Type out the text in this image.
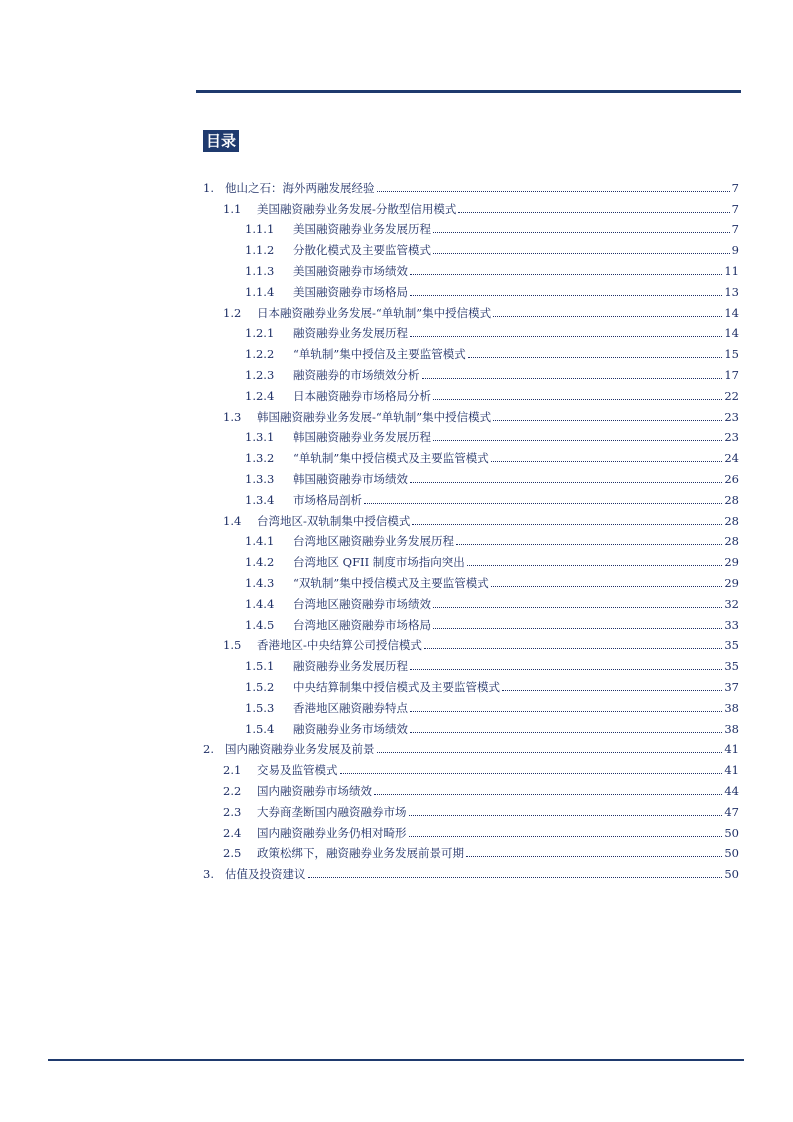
目录
1. 他山之石：海外两融发展经验	7
1.1	美国融资融券业务发展-分散型信用模式	7
1.1.1	美国融资融券业务发展历程	7
1.1.2	分散化模式及主要监管模式	9
1.1.3	美国融资融券市场绩效	11
1.1.4	美国融资融券市场格局	13
1.2	日本融资融券业务发展-“单轨制”集中授信模式	14
1.2.1	融资融券业务发展历程	14
1.2.2	“单轨制”集中授信及主要监管模式	15
1.2.3	融资融券的市场绩效分析	17
1.2.4	日本融资融券市场格局分析	22
1.3	韩国融资融券业务发展-“单轨制”集中授信模式	23
1.3.1	韩国融资融券业务发展历程	23
1.3.2	“单轨制”集中授信模式及主要监管模式	24
1.3.3	韩国融资融券市场绩效	26
1.3.4	市场格局剖析	28
1.4	台湾地区-双轨制集中授信模式	28
1.4.1	台湾地区融资融券业务发展历程	28
1.4.2	台湾地区 QFII 制度市场指向突出	29
1.4.3	“双轨制”集中授信模式及主要监管模式	29
1.4.4	台湾地区融资融券市场绩效	32
1.4.5	台湾地区融资融券市场格局	33
1.5	香港地区-中央结算公司授信模式	35
1.5.1	融资融券业务发展历程	35
1.5.2	中央结算制集中授信模式及主要监管模式	37
1.5.3	香港地区融资融券特点	38
1.5.4	融资融券业务市场绩效	38
2. 国内融资融券业务发展及前景	41
2.1	交易及监管模式	41
2.2	国内融资融券市场绩效	44
2.3	大券商垄断国内融资融券市场	47
2.4	国内融资融券业务仍相对畸形	50
2.5	政策松绑下，融资融券业务发展前景可期	50
3. 估值及投资建议	50
